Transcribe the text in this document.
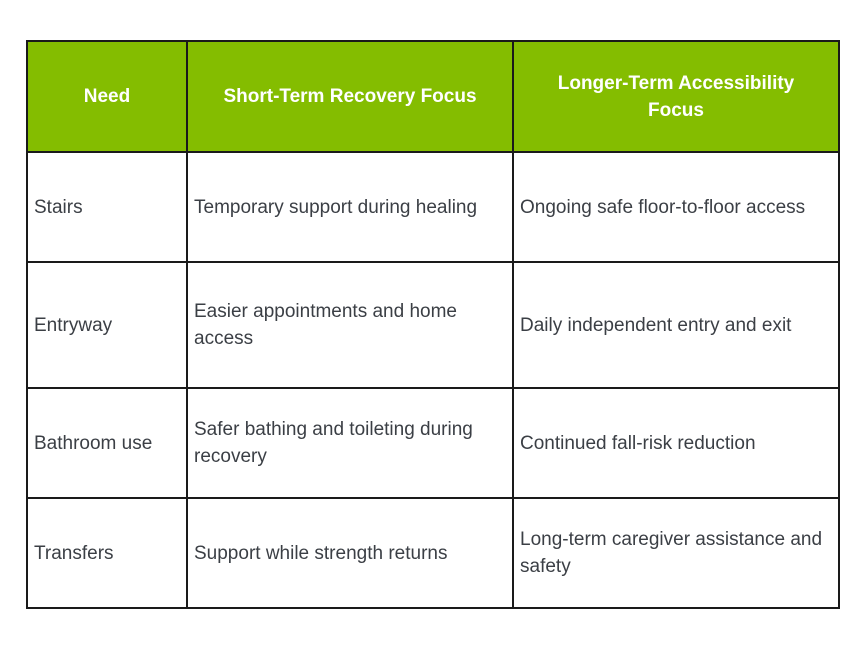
Need	Short-Term Recovery Focus	Longer-Term Accessibility Focus
Stairs	Temporary support during healing	Ongoing safe floor-to-floor access
Entryway	Easier appointments and home access	Daily independent entry and exit
Bathroom use	Safer bathing and toileting during recovery	Continued fall-risk reduction
Transfers	Support while strength returns	Long-term caregiver assistance and safety
